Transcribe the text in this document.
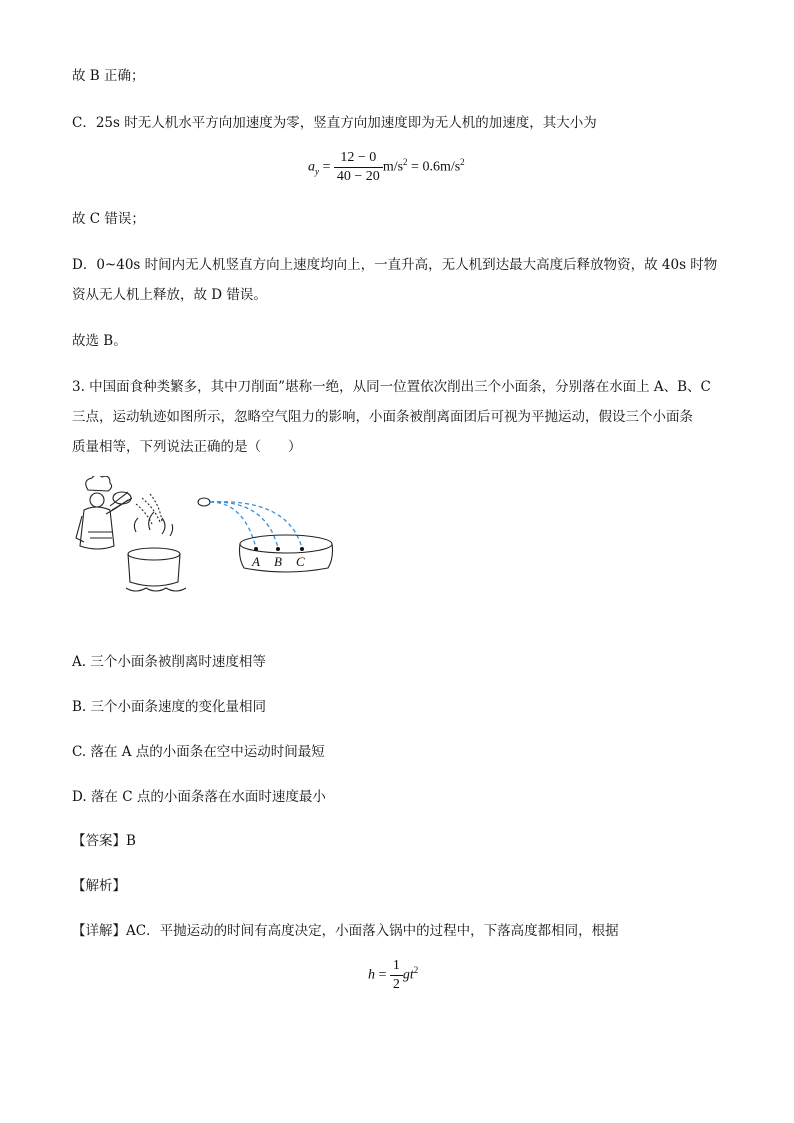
故 B 正确；

C．25s 时无人机水平方向加速度为零，竖直方向加速度即为无人机的加速度，其大小为

$a_y = \frac{12 - 0}{40 - 20} m/s^2 = 0.6m/s^2$

故 C 错误；

D．0~40s 时间内无人机竖直方向上速度均向上，一直升高，无人机到达最大高度后释放物资，故 40s 时物

资从无人机上释放，故 D 错误。

故选 B。

3. 中国面食种类繁多，其中刀削面”堪称一绝，从同一位置依次削出三个小面条，分别落在水面上 A、B、C

三点，运动轨迹如图所示，忽略空气阻力的影响，小面条被削离面团后可视为平抛运动，假设三个小面条

质量相等，下列说法正确的是（　　）

A B C

A. 三个小面条被削离时速度相等

B. 三个小面条速度的变化量相同

C. 落在 A 点的小面条在空中运动时间最短

D. 落在 C 点的小面条落在水面时速度最小

【答案】B

【解析】

【详解】AC．平抛运动的时间有高度决定，小面落入锅中的过程中，下落高度都相同，根据

$h = \frac{1}{2} gt^2$
